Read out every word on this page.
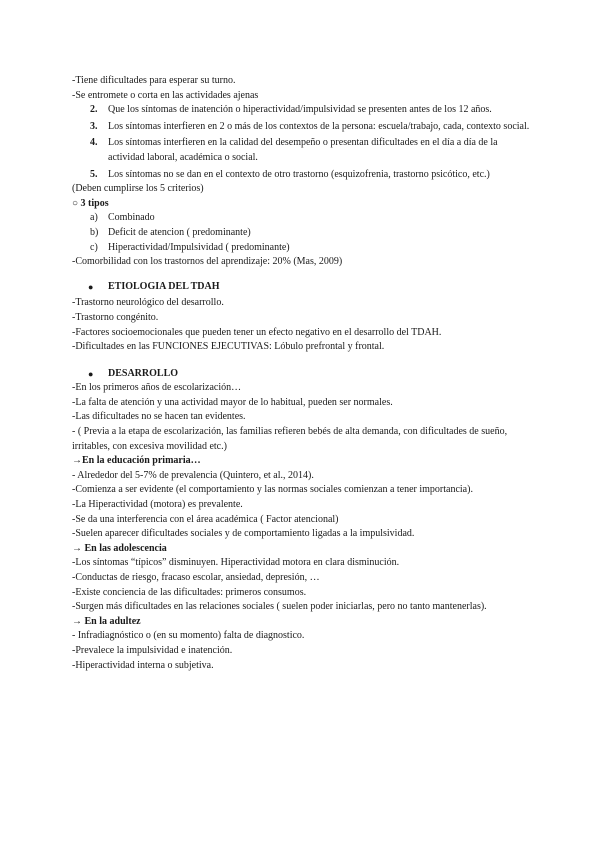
-Tiene dificultades para esperar su turno.
-Se entromete o corta en las actividades ajenas
2. Que los síntomas de inatención o hiperactividad/impulsividad se presenten antes de los 12 años.
3. Los síntomas interfieren en 2 o más de los contextos de la persona: escuela/trabajo, cada, contexto social.
4. Los síntomas interfieren en la calidad del desempeño o presentan dificultades en el día a día de la actividad laboral, académica o social.
5. Los síntomas no se dan en el contexto de otro trastorno (esquizofrenia, trastorno psicótico, etc.)
(Deben cumplirse los 5 criterios)
○ 3 tipos
a) Combinado
b) Deficit de atencion ( predominante)
c) Hiperactividad/Impulsividad ( predominante)
-Comorbilidad con los trastornos del aprendizaje: 20% (Mas, 2009)
● ETIOLOGIA DEL TDAH
-Trastorno neurológico del desarrollo.
-Trastorno congénito.
-Factores socioemocionales que pueden tener un efecto negativo en el desarrollo del TDAH.
-Dificultades en las FUNCIONES EJECUTIVAS: Lóbulo prefrontal y frontal.
● DESARROLLO
-En los primeros años de escolarización…
-La falta de atención y una actividad mayor de lo habitual, pueden ser normales.
-Las dificultades no se hacen tan evidentes.
- ( Previa a la etapa de escolarización, las familias refieren bebés de alta demanda, con dificultades de sueño, irritables, con excesiva movilidad etc.)
→En la educación primaria…
- Alrededor del 5-7% de prevalencia (Quintero, et al., 2014).
-Comienza a ser evidente (el comportamiento y las normas sociales comienzan a tener importancia).
-La Hiperactividad (motora) es prevalente.
-Se da una interferencia con el área académica ( Factor atencional)
-Suelen aparecer dificultades sociales y de comportamiento ligadas a la impulsividad.
→ En las adolescencia
-Los síntomas “típicos” disminuyen. Hiperactividad motora en clara disminución.
-Conductas de riesgo, fracaso escolar, ansiedad, depresión, …
-Existe conciencia de las dificultades: primeros consumos.
-Surgen más dificultades en las relaciones sociales ( suelen poder iniciarlas, pero no tanto mantenerlas).
→ En la adultez
- Infradiagnóstico o (en su momento) falta de diagnostico.
-Prevalece la impulsividad e inatención.
-Hiperactividad interna o subjetiva.
